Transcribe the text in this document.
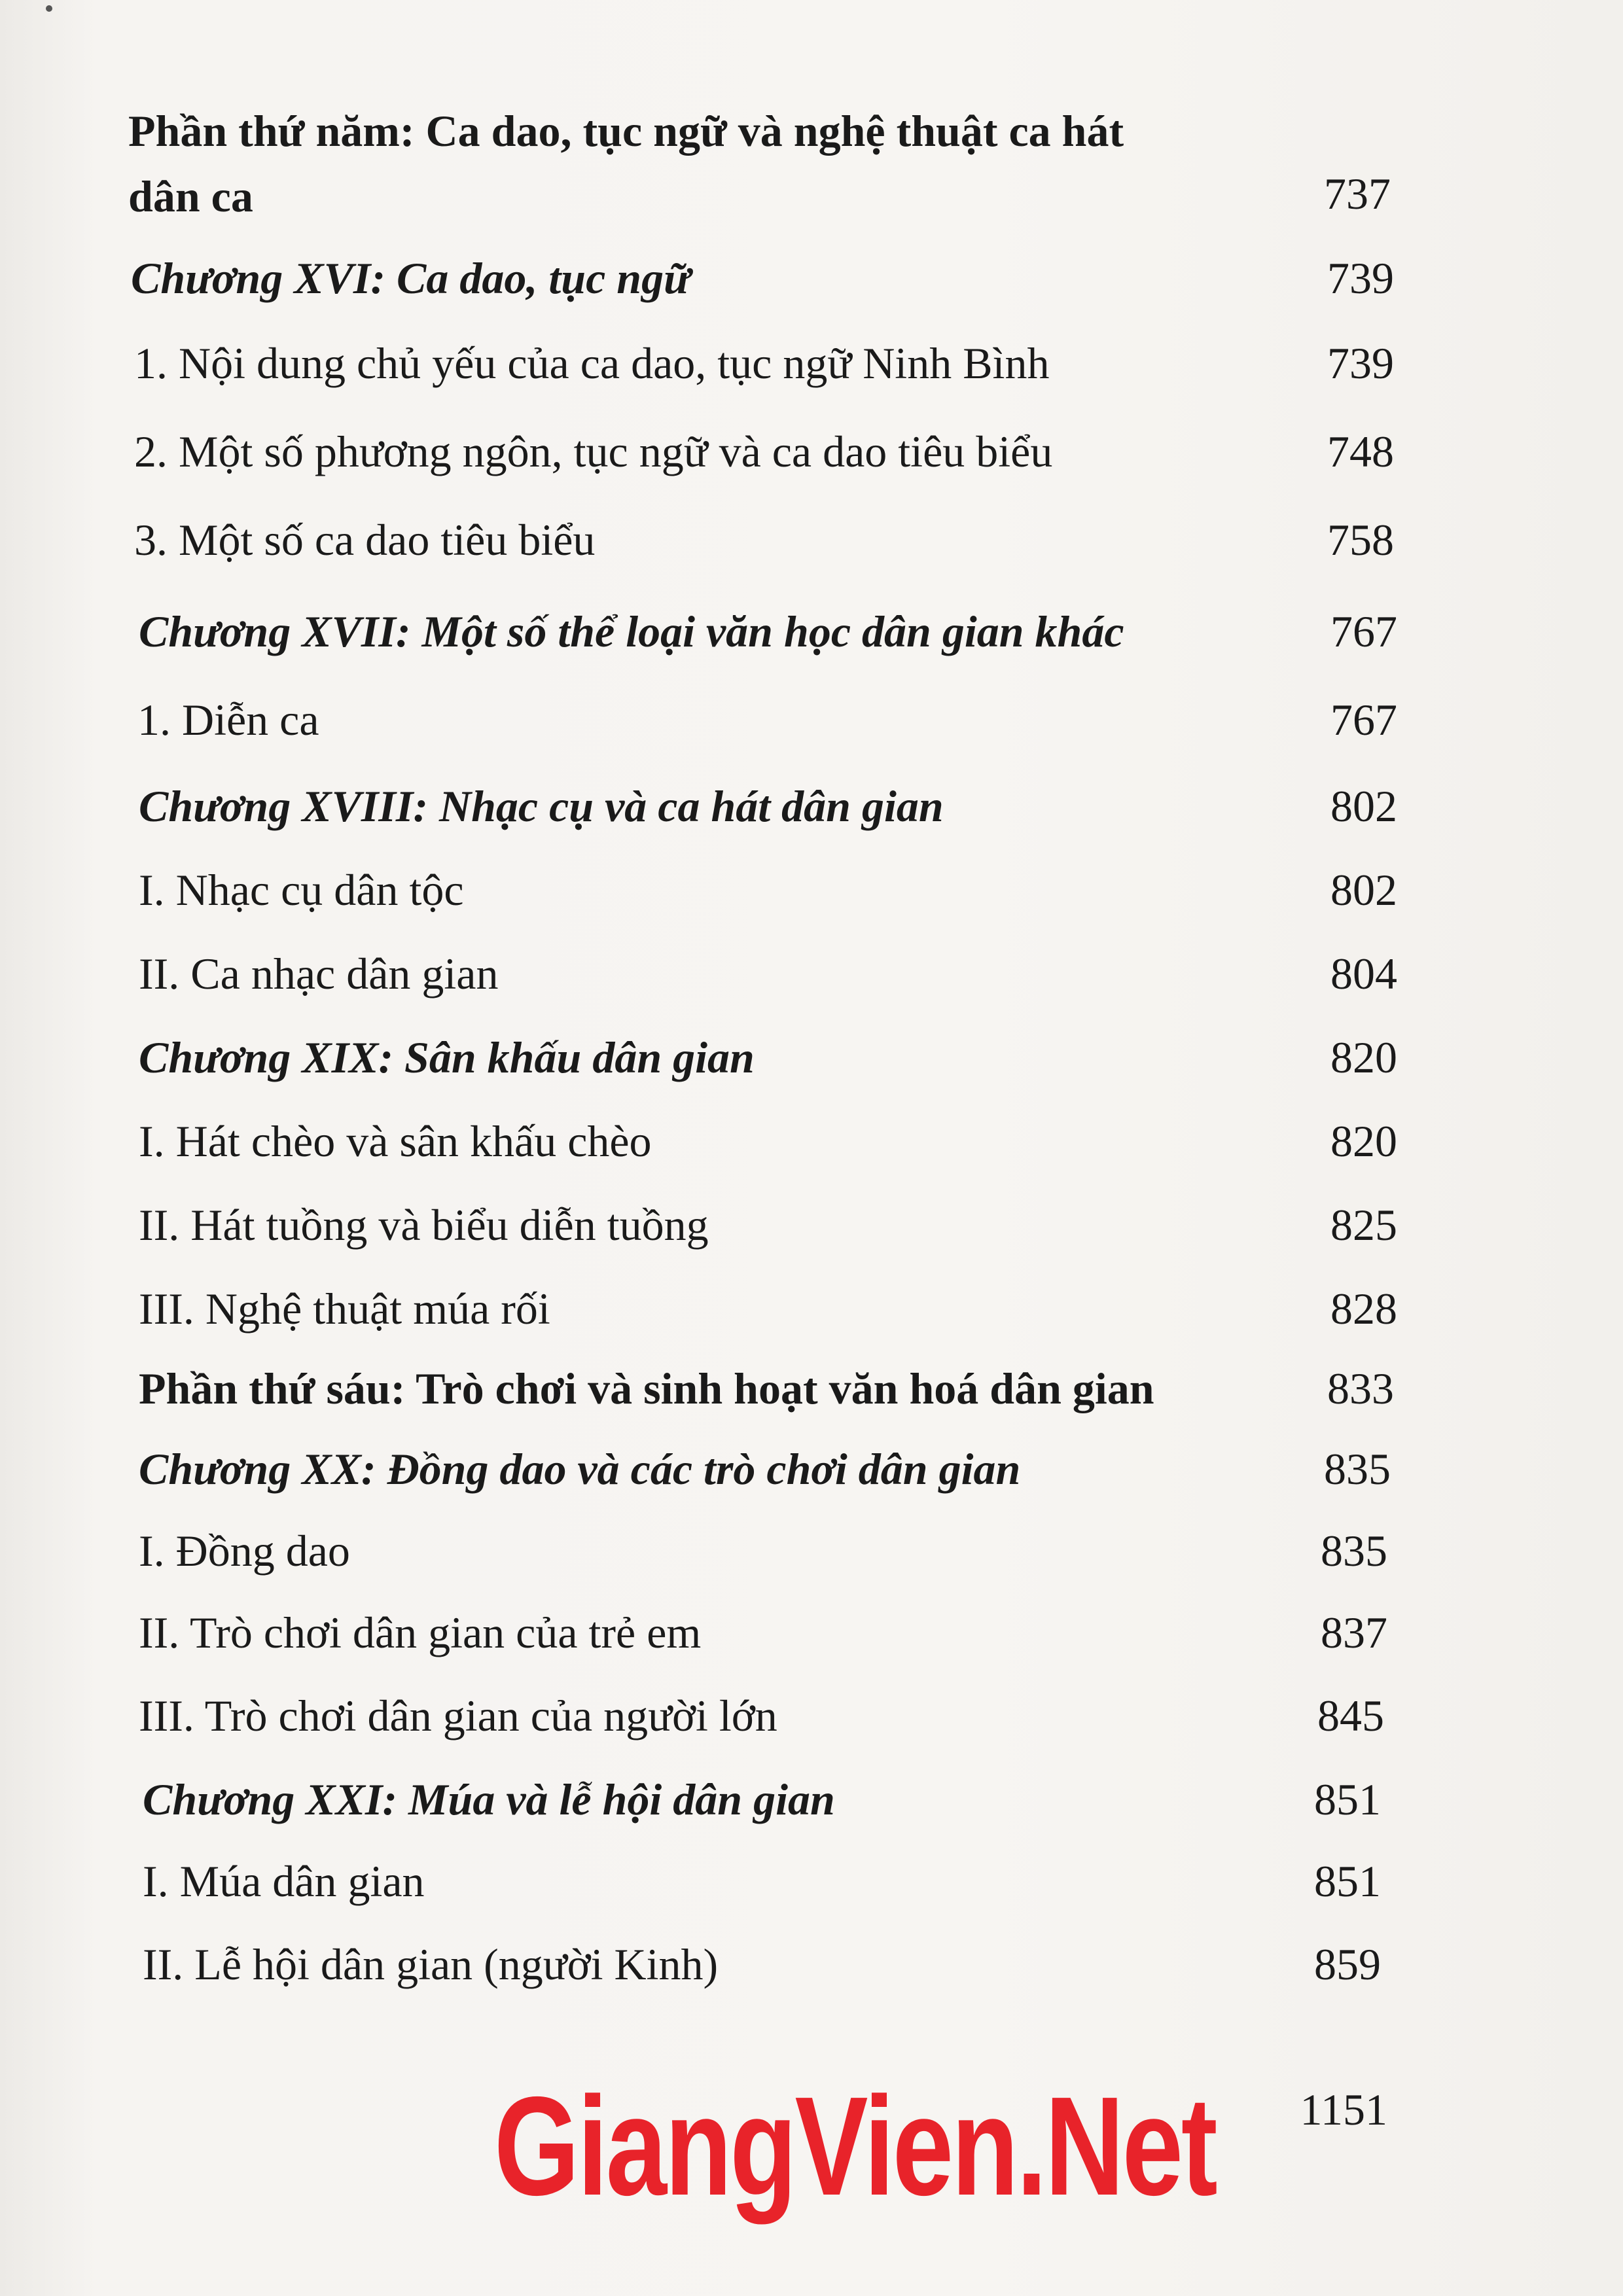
Phần thứ năm: Ca dao, tục ngữ và nghệ thuật ca hát
dân ca	737
Chương XVI: Ca dao, tục ngữ	739
1. Nội dung chủ yếu của ca dao, tục ngữ Ninh Bình	739
2. Một số phương ngôn, tục ngữ và ca dao tiêu biểu	748
3. Một số ca dao tiêu biểu	758
Chương XVII: Một số thể loại văn học dân gian khác	767
1. Diễn ca	767
Chương XVIII: Nhạc cụ và ca hát dân gian	802
I. Nhạc cụ dân tộc	802
II. Ca nhạc dân gian	804
Chương XIX: Sân khấu dân gian	820
I. Hát chèo và sân khấu chèo	820
II. Hát tuồng và biểu diễn tuồng	825
III. Nghệ thuật múa rối	828
Phần thứ sáu: Trò chơi và sinh hoạt văn hoá dân gian	833
Chương XX: Đồng dao và các trò chơi dân gian	835
I. Đồng dao	835
II. Trò chơi dân gian của trẻ em	837
III. Trò chơi dân gian của người lớn	845
Chương XXI: Múa và lễ hội dân gian	851
I. Múa dân gian	851
II. Lễ hội dân gian (người Kinh)	859
GiangVien.Net	1151
